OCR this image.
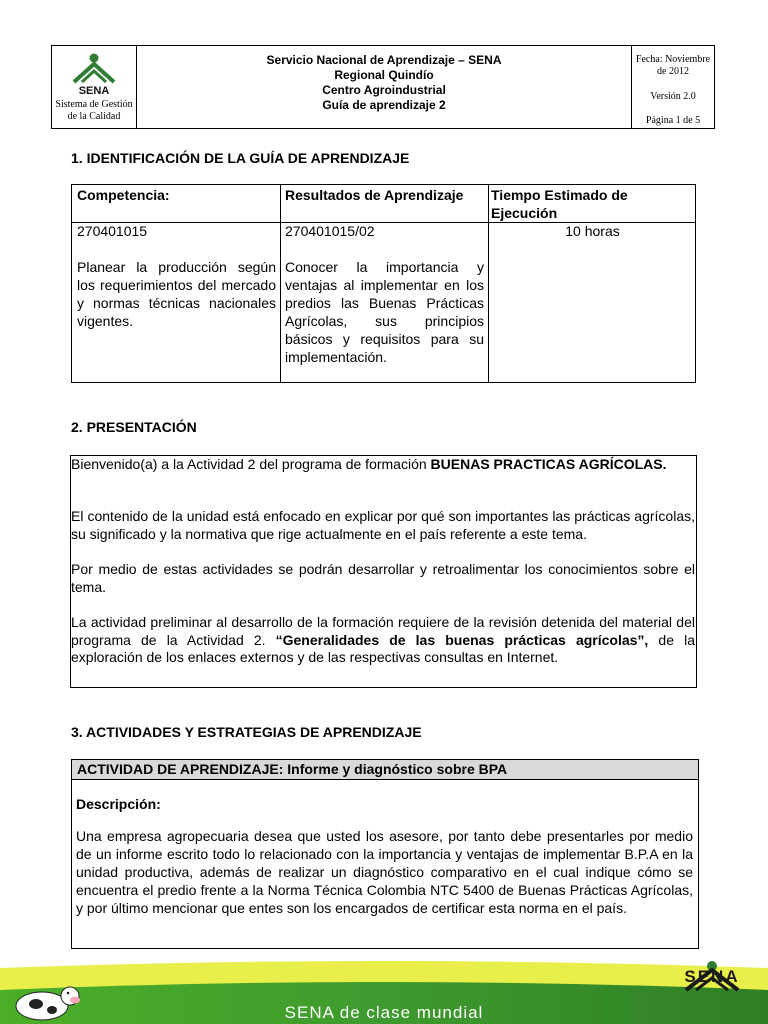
SENA
Sistema de Gestión
de la Calidad
Servicio Nacional de Aprendizaje – SENA
Regional Quindío
Centro Agroindustrial
Guía de aprendizaje 2
Fecha: Noviembre
de 2012
Versión 2.0
Página 1 de 5
1. IDENTIFICACIÓN DE LA GUÍA DE APRENDIZAJE
Competencia:	Resultados de Aprendizaje Tiempo Estimado de Ejecución
270401015
Planear la producción según los requerimientos del mercado y normas técnicas nacionales vigentes.
270401015/02
Conocer la importancia y ventajas al implementar en los predios las Buenas Prácticas Agrícolas, sus principios básicos y requisitos para su implementación.
10 horas
2. PRESENTACIÓN

Bienvenido(a) a la Actividad 2 del programa de formación BUENAS PRACTICAS AGRÍCOLAS.

El contenido de la unidad está enfocado en explicar por qué son importantes las prácticas agrícolas, su significado y la normativa que rige actualmente en el país referente a este tema.

Por medio de estas actividades se podrán desarrollar y retroalimentar los conocimientos sobre el tema.

La actividad preliminar al desarrollo de la formación requiere de la revisión detenida del material del programa de la Actividad 2. “Generalidades de las buenas prácticas agrícolas”, de la exploración de los enlaces externos y de las respectivas consultas en Internet.

3. ACTIVIDADES Y ESTRATEGIAS DE APRENDIZAJE
ACTIVIDAD DE APRENDIZAJE: Informe y diagnóstico sobre BPA
Descripción:
Una empresa agropecuaria desea que usted los asesore, por tanto debe presentarles por medio de un informe escrito todo lo relacionado con la importancia y ventajas de implementar B.P.A en la unidad productiva, además de realizar un diagnóstico comparativo en el cual indique cómo se encuentra el predio frente a la Norma Técnica Colombia NTC 5400 de Buenas Prácticas Agrícolas, y por último mencionar que entes son los encargados de certificar esta norma en el país.
SENA
SENA de clase mundial
